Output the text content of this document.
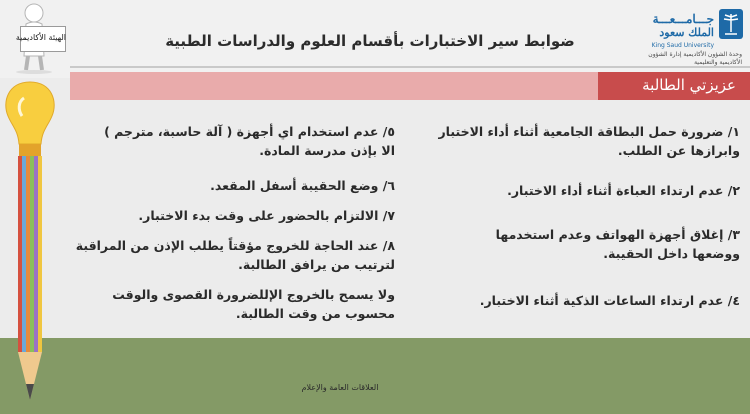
جـــامـــعـــة
الملك سعود
King Saud University
وحدة الشؤون الأكاديمية إدارة الشؤون الأكاديمية والتعليمية
ضوابط سير الاختبارات بأقسام العلوم والدراسات الطبية
الهيئة الأكاديمية
عزيزتي الطالبة
١/ ضرورة حمل البطاقة الجامعية أثناء أداء الاختبار
وابرازها عن الطلب.
٢/ عدم ارتداء العباءة أثناء أداء الاختبار.
٣/ إغلاق أجهزة الهواتف وعدم استخدمها
ووضعها داخل الحقيبة.
٤/ عدم ارتداء الساعات الذكية أثناء الاختبار.
٥/ عدم استخدام اي أجهزة ( آلة حاسبة، مترجم )
الا بإذن مدرسة المادة.
٦/ وضع الحقيبة أسفل المقعد.
٧/ الالتزام بالحضور على وقت بدء الاختبار.
٨/ عند الحاجة للخروج مؤقتاً يطلب الإذن من المراقبة
لترتيب من يرافق الطالبة.
ولا يسمح بالخروج الإللضرورة القصوى والوقت
محسوب من وقت الطالبة.
العلاقات العامة والإعلام
